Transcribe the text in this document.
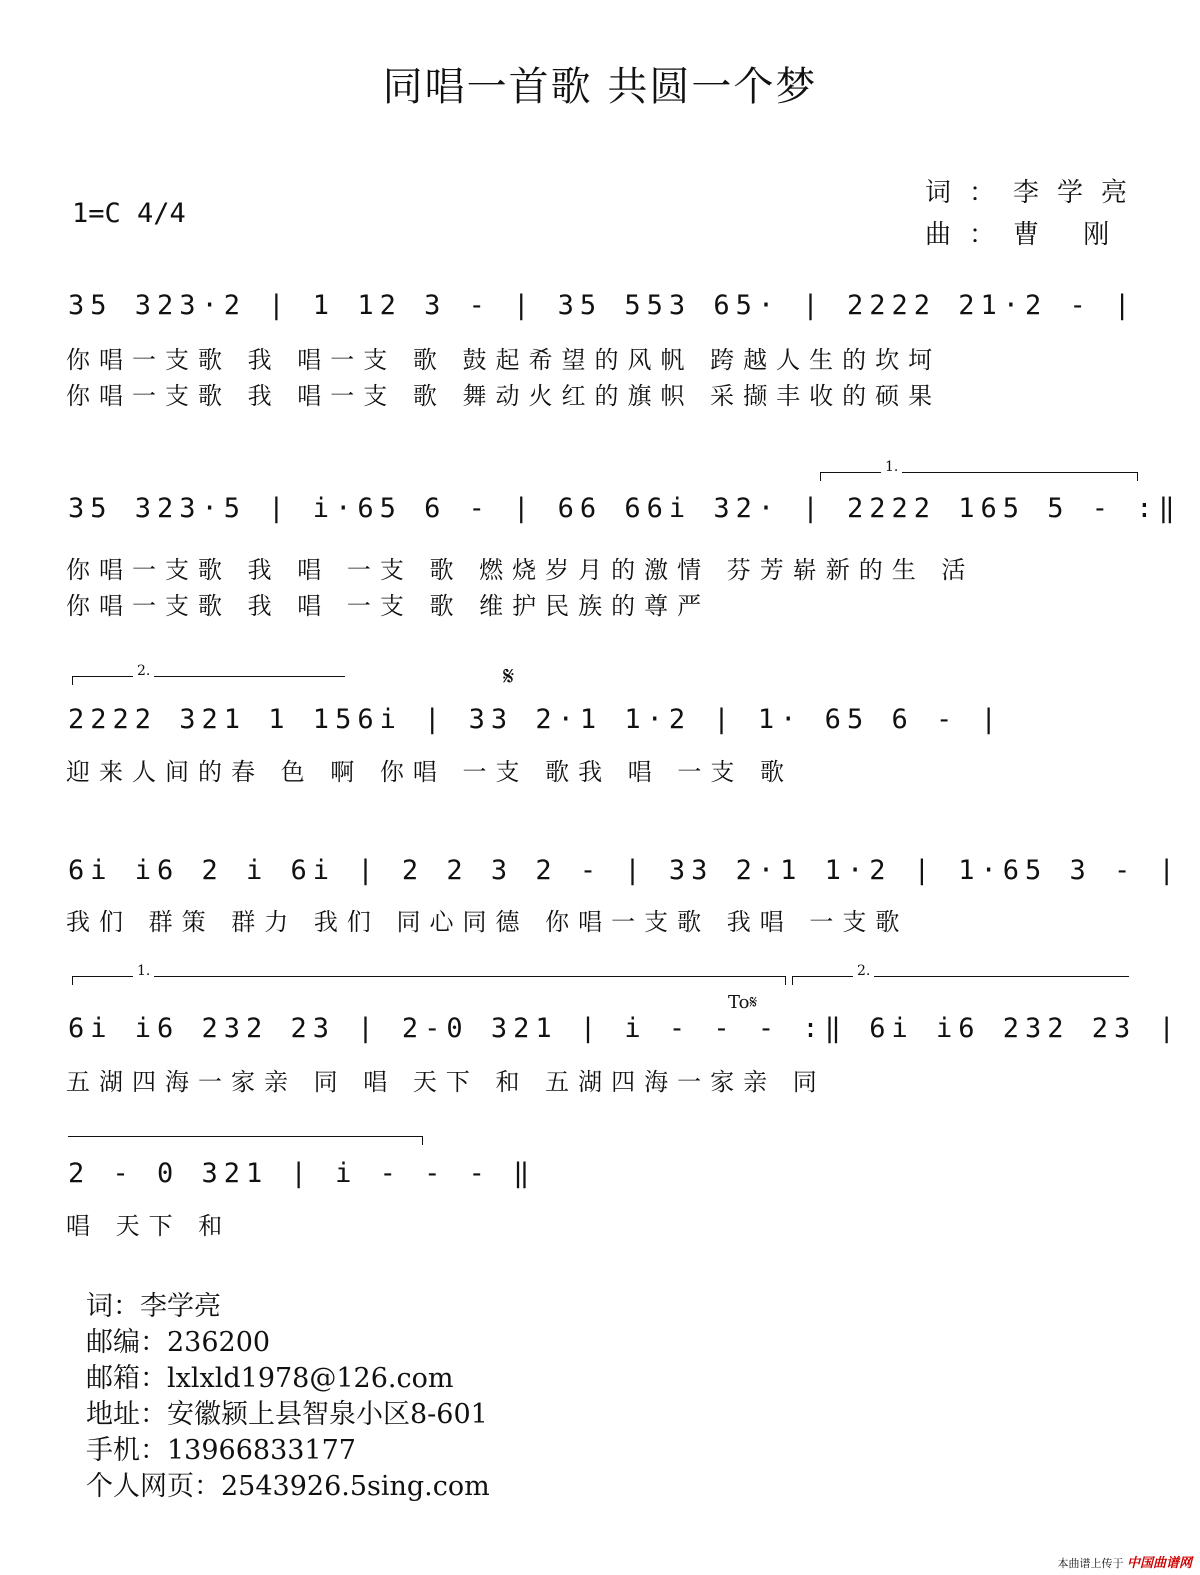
同唱一首歌 共圆一个梦
1=C 4/4
词：李学亮
曲：曹 刚
35 323·2 | 1 12 3 - | 35 553 65· | 2222 21·2 - |
你唱一支歌 我 唱一支 歌 鼓起希望的风帆 跨越人生的坎坷
你唱一支歌 我 唱一支 歌 舞动火红的旗帜 采撷丰收的硕果
1.
35 323·5 | i·65 6 - | 66 66i 32· | 2222 165 5 - :‖
你唱一支歌 我 唱 一支 歌 燃烧岁月的激情 芬芳崭新的生 活
你唱一支歌 我 唱 一支 歌 维护民族的尊严
2.	𝄋
2222 321 1 156i | 33 2·1 1·2 | 1· 65 6 - |
迎来人间的春 色 啊 你唱 一支 歌我 唱 一支 歌
6i i6 2 i 6i | 2 2 3 2 - | 33 2·1 1·2 | 1·65 3 - |
我们 群策 群力 我们 同心同德 你唱一支歌 我唱 一支歌
1.	2.
To𝄋
6i i6 232 23 | 2-0 321 | i - - - :‖ 6i i6 232 23 |
五湖四海一家亲 同 唱 天下 和 五湖四海一家亲 同
2 - 0 321 | i - - - ‖
唱 天下 和
词：李学亮
邮编：236200
邮箱：lxlxld1978@126.com
地址：安徽颍上县智泉小区8-601
手机：13966833177
个人网页：2543926.5sing.com
本曲谱上传于 中国曲谱网
